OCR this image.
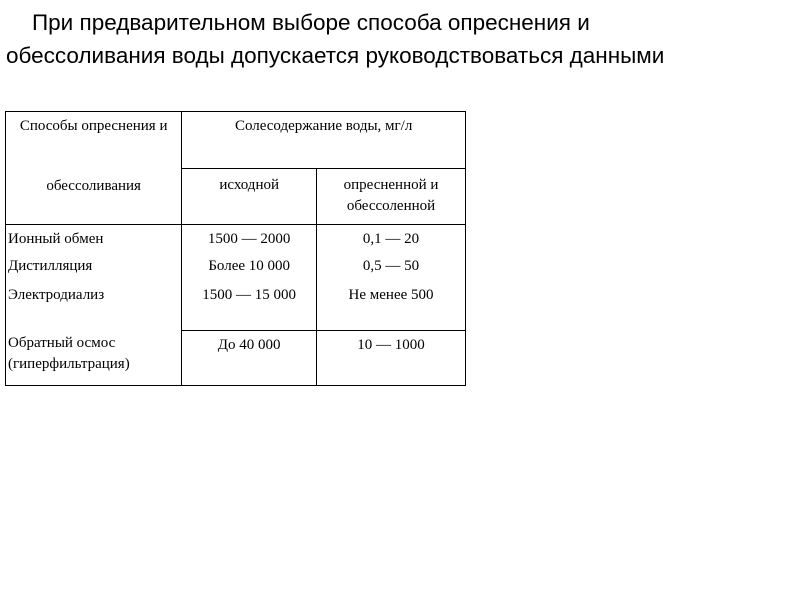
При предварительном выборе способа опреснения и
обессоливания воды допускается руководствоваться данными
Способы опреснения и
обессоливания	Солесодержание воды, мг/л	
	исходной	опресненной и обессоленной
Ионный обмен	1500 — 2000	0,1 — 20
Дистилляция	Более 10 000	0,5 — 50
Электродиализ	1500 — 15 000	Не менее 500
Обратный осмос (гиперфильтрация)	До 40 000	10 — 1000
